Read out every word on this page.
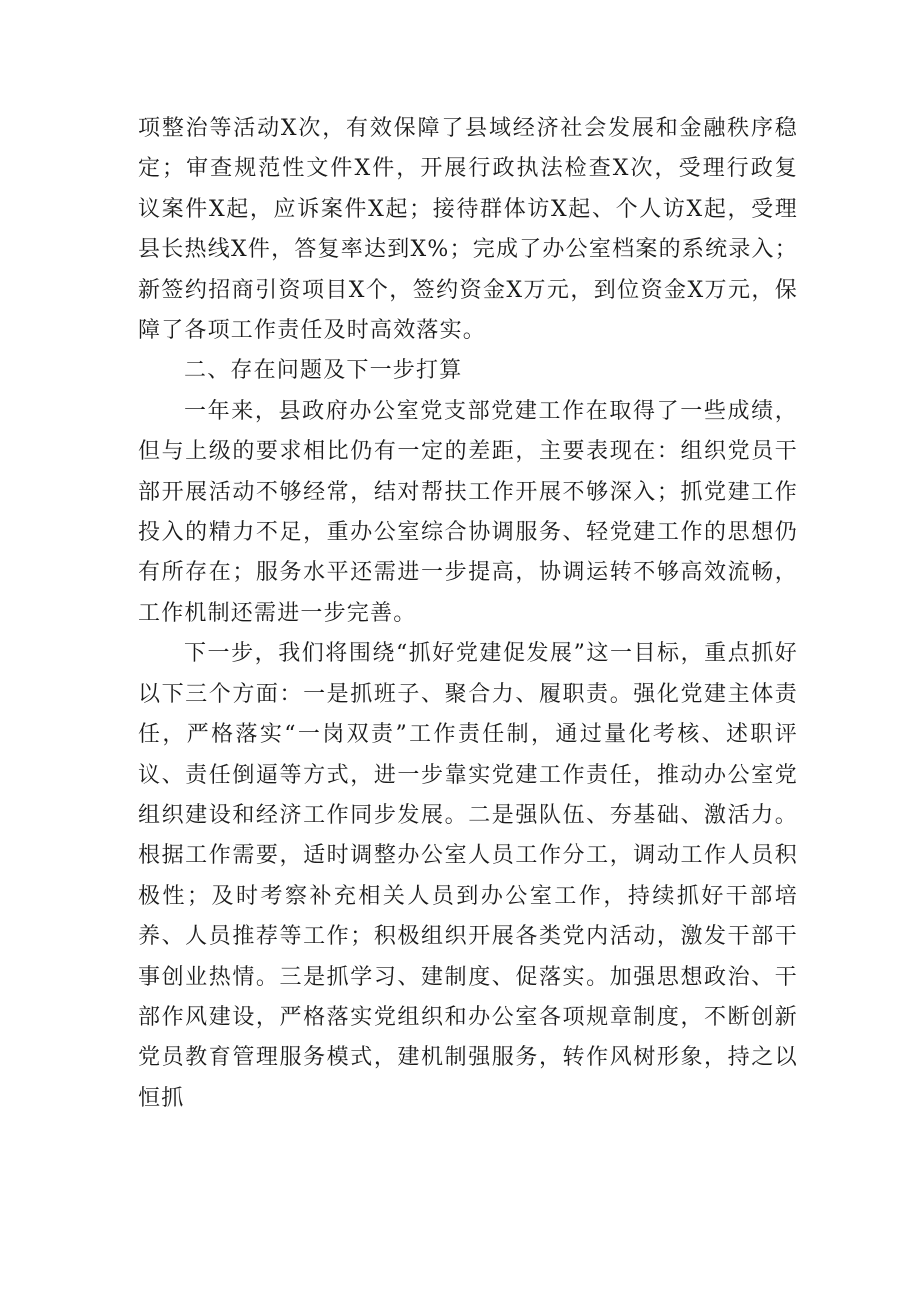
项整治等活动X次，有效保障了县域经济社会发展和金融秩序稳定；审查规范性文件X件，开展行政执法检查X次，受理行政复议案件X起，应诉案件X起；接待群体访X起、个人访X起，受理县长热线X件，答复率达到X%；完成了办公室档案的系统录入；新签约招商引资项目X个，签约资金X万元，到位资金X万元，保障了各项工作责任及时高效落实。

二、存在问题及下一步打算

一年来，县政府办公室党支部党建工作在取得了一些成绩，但与上级的要求相比仍有一定的差距，主要表现在：组织党员干部开展活动不够经常，结对帮扶工作开展不够深入；抓党建工作投入的精力不足，重办公室综合协调服务、轻党建工作的思想仍有所存在；服务水平还需进一步提高，协调运转不够高效流畅，工作机制还需进一步完善。

下一步，我们将围绕“抓好党建促发展”这一目标，重点抓好以下三个方面：一是抓班子、聚合力、履职责。强化党建主体责任，严格落实“一岗双责”工作责任制，通过量化考核、述职评议、责任倒逼等方式，进一步靠实党建工作责任，推动办公室党组织建设和经济工作同步发展。二是强队伍、夯基础、激活力。根据工作需要，适时调整办公室人员工作分工，调动工作人员积极性；及时考察补充相关人员到办公室工作，持续抓好干部培养、人员推荐等工作；积极组织开展各类党内活动，激发干部干事创业热情。三是抓学习、建制度、促落实。加强思想政治、干部作风建设，严格落实党组织和办公室各项规章制度，不断创新党员教育管理服务模式，建机制强服务，转作风树形象，持之以恒抓
